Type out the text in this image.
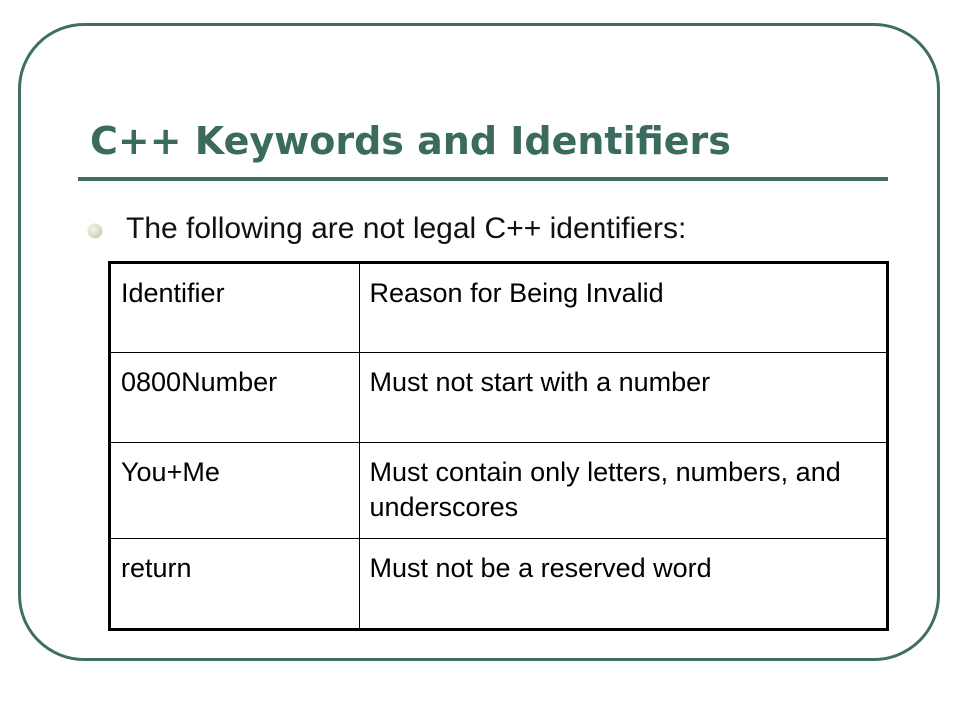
C++ Keywords and Identifiers
The following are not legal C++ identifiers:
Identifier	Reason for Being Invalid
0800Number	Must not start with a number
You+Me	Must contain only letters, numbers, and underscores
return	Must not be a reserved word
